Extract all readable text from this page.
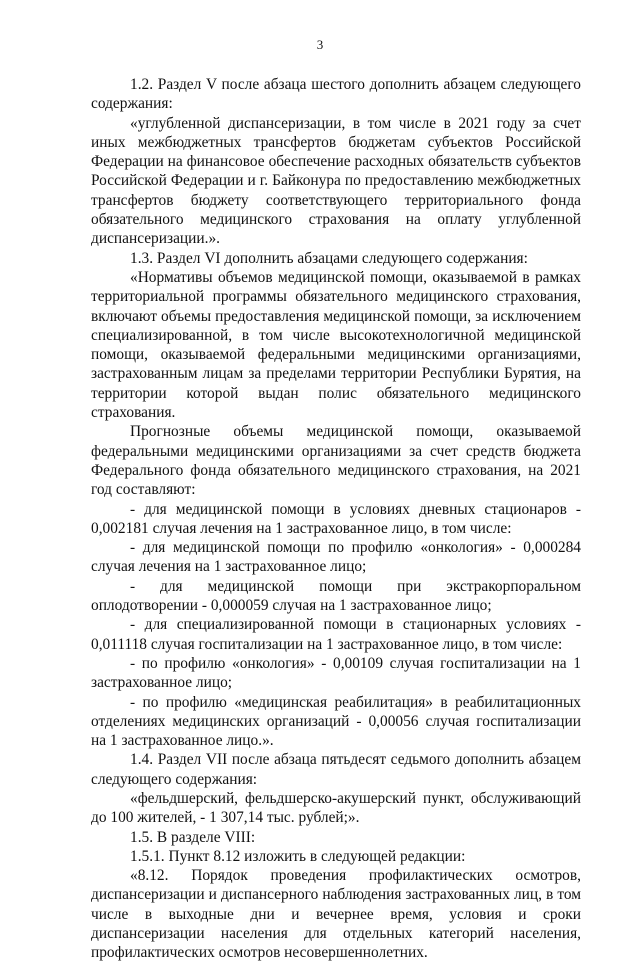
3

1.2. Раздел V после абзаца шестого дополнить абзацем следующего содержания:

«углубленной диспансеризации, в том числе в 2021 году за счет иных межбюджетных трансфертов бюджетам субъектов Российской Федерации на финансовое обеспечение расходных обязательств субъектов Российской Федерации и г. Байконура по предоставлению межбюджетных трансфертов бюджету соответствующего территориального фонда обязательного медицинского страхования на оплату углубленной диспансеризации.».

1.3. Раздел VI дополнить абзацами следующего содержания:

«Нормативы объемов медицинской помощи, оказываемой в рамках территориальной программы обязательного медицинского страхования, включают объемы предоставления медицинской помощи, за исключением специализированной, в том числе высокотехнологичной медицинской помощи, оказываемой федеральными медицинскими организациями, застрахованным лицам за пределами территории Республики Бурятия, на территории которой выдан полис обязательного медицинского страхования.

Прогнозные объемы медицинской помощи, оказываемой федеральными медицинскими организациями за счет средств бюджета Федерального фонда обязательного медицинского страхования, на 2021 год составляют:

- для медицинской помощи в условиях дневных стационаров - 0,002181 случая лечения на 1 застрахованное лицо, в том числе:

- для медицинской помощи по профилю «онкология» - 0,000284 случая лечения на 1 застрахованное лицо;

- для медицинской помощи при экстракорпоральном оплодотворении - 0,000059 случая на 1 застрахованное лицо;

- для специализированной помощи в стационарных условиях - 0,011118 случая госпитализации на 1 застрахованное лицо, в том числе:

- по профилю «онкология» - 0,00109 случая госпитализации на 1 застрахованное лицо;

- по профилю «медицинская реабилитация» в реабилитационных отделениях медицинских организаций - 0,00056 случая госпитализации на 1 застрахованное лицо.».

1.4. Раздел VII после абзаца пятьдесят седьмого дополнить абзацем следующего содержания:

«фельдшерский, фельдшерско-акушерский пункт, обслуживающий до 100 жителей, - 1 307,14 тыс. рублей;».

1.5. В разделе VIII:

1.5.1. Пункт 8.12 изложить в следующей редакции:

«8.12. Порядок проведения профилактических осмотров, диспансеризации и диспансерного наблюдения застрахованных лиц, в том числе в выходные дни и вечернее время, условия и сроки диспансеризации населения для отдельных категорий населения, профилактических осмотров несовершеннолетних.
